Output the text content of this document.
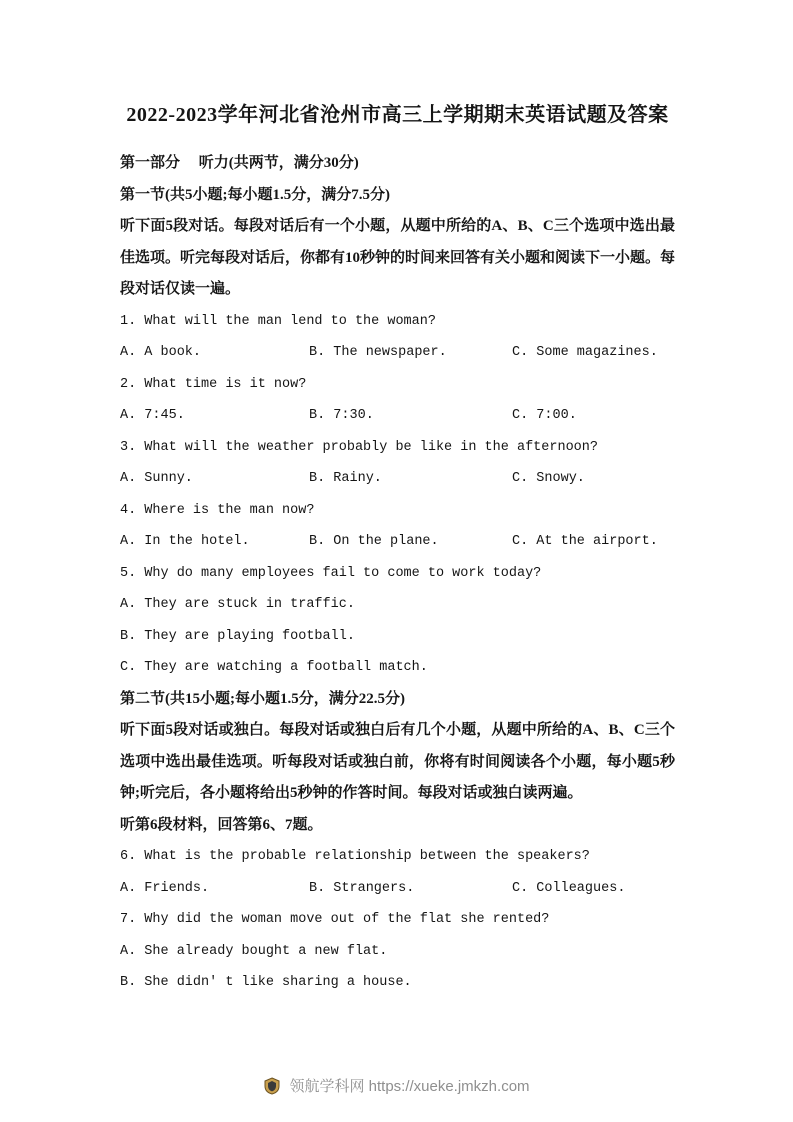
2022-2023学年河北省沧州市高三上学期期末英语试题及答案

第一部分　 听力(共两节，满分30分)

第一节(共5小题;每小题1.5分，满分7.5分)

听下面5段对话。每段对话后有一个小题，从题中所给的A、B、C三个选项中选出最佳选项。听完每段对话后，你都有10秒钟的时间来回答有关小题和阅读下一小题。每段对话仅读一遍。

1. What will the man lend to the woman?

A. A book.	B. The newspaper.	C. Some magazines.

2. What time is it now?

A. 7:45.	B. 7:30.	C. 7:00.

3. What will the weather probably be like in the afternoon?

A. Sunny.	B. Rainy.	C. Snowy.

4. Where is the man now?

A. In the hotel.	B. On the plane.	C. At the airport.

5. Why do many employees fail to come to work today?

A. They are stuck in traffic.

B. They are playing football.

C. They are watching a football match.

第二节(共15小题;每小题1.5分，满分22.5分)

听下面5段对话或独白。每段对话或独白后有几个小题，从题中所给的A、B、C三个选项中选出最佳选项。听每段对话或独白前，你将有时间阅读各个小题，每小题5秒钟;听完后，各小题将给出5秒钟的作答时间。每段对话或独白读两遍。

听第6段材料，回答第6、7题。

6. What is the probable relationship between the speakers?

A. Friends.	B. Strangers.	C. Colleagues.

7. Why did the woman move out of the flat she rented?

A. She already bought a new flat.

B. She didn' t like sharing a house.

领航学科网 https://xueke.jmkzh.com
